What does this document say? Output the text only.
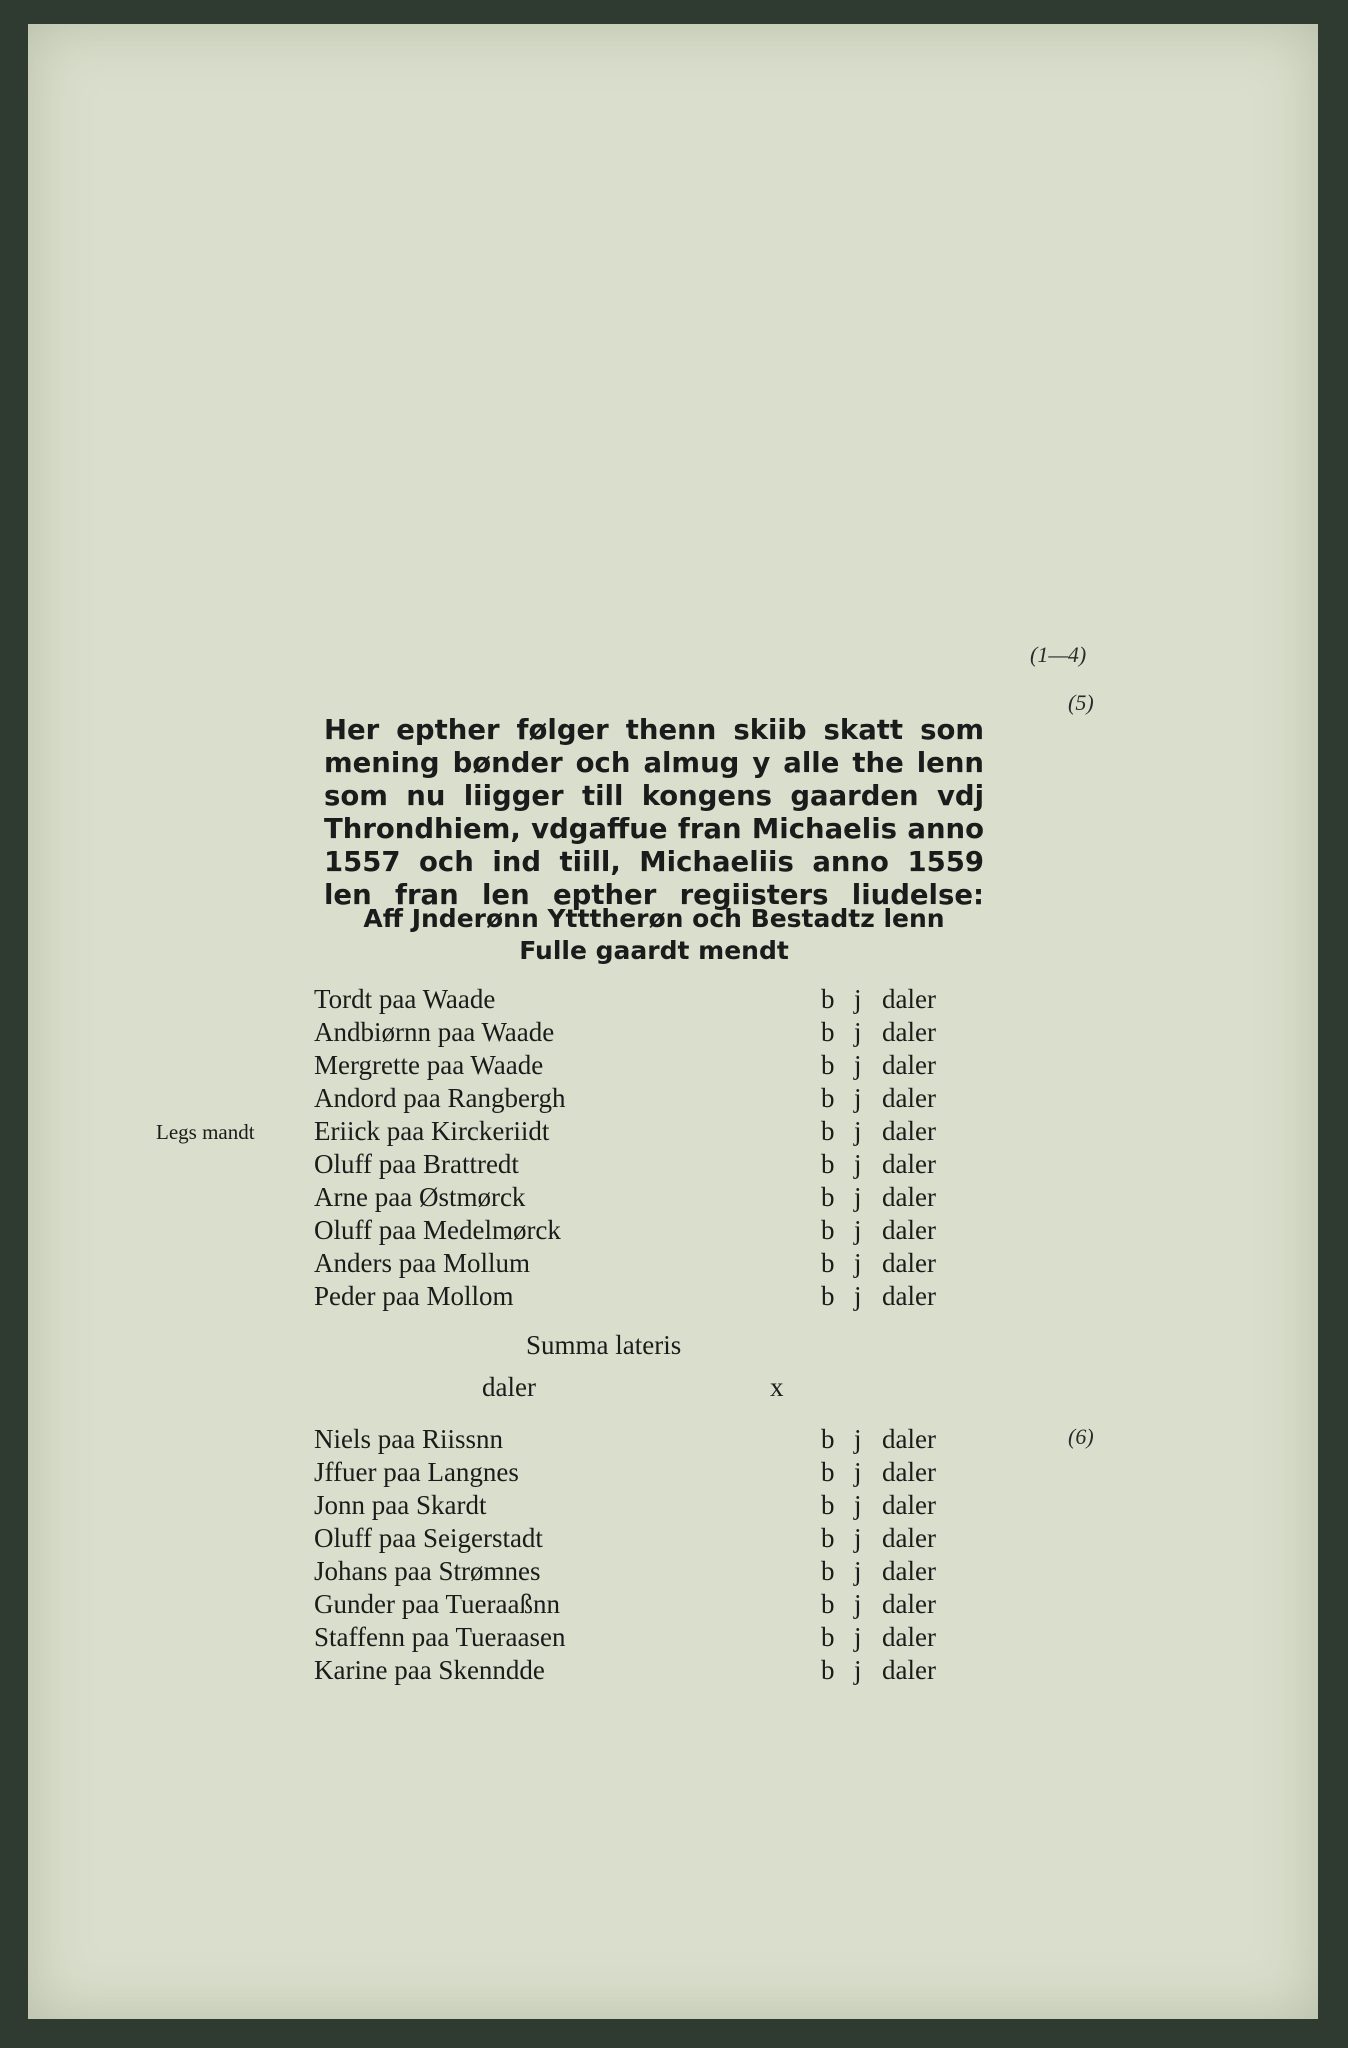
(1—4)
(5)
(6)
Her epther følger thenn skiib skatt som
mening bønder och almug y alle the lenn
som nu liigger till kongens gaarden vdj
Throndhiem, vdgaffue fran Michaelis anno
1557 och ind tiill, Michaeliis anno 1559
len fran len epther regiisters liudelse:
Aff Jnderønn Ytttherøn och Bestadtz lenn
Fulle gaardt mendt
Tordt paa Waade	b j daler
Andbiørnn paa Waade	b j daler
Mergrette paa Waade	b j daler
Andord paa Rangbergh	b j daler
Legs mandt Eriick paa Kirckeriidt	b j daler
Oluff paa Brattredt	b j daler
Arne paa Østmørck	b j daler
Oluff paa Medelmørck	b j daler
Anders paa Mollum	b j daler
Peder paa Mollom	b j daler
Summa lateris
daler	x
Niels paa Riissnn	b j daler
Jffuer paa Langnes	b j daler
Jonn paa Skardt	b j daler
Oluff paa Seigerstadt	b j daler
Johans paa Strømnes	b j daler
Gunder paa Tueraaßnn	b j daler
Staffenn paa Tueraasen	b j daler
Karine paa Skenndde	b j daler
